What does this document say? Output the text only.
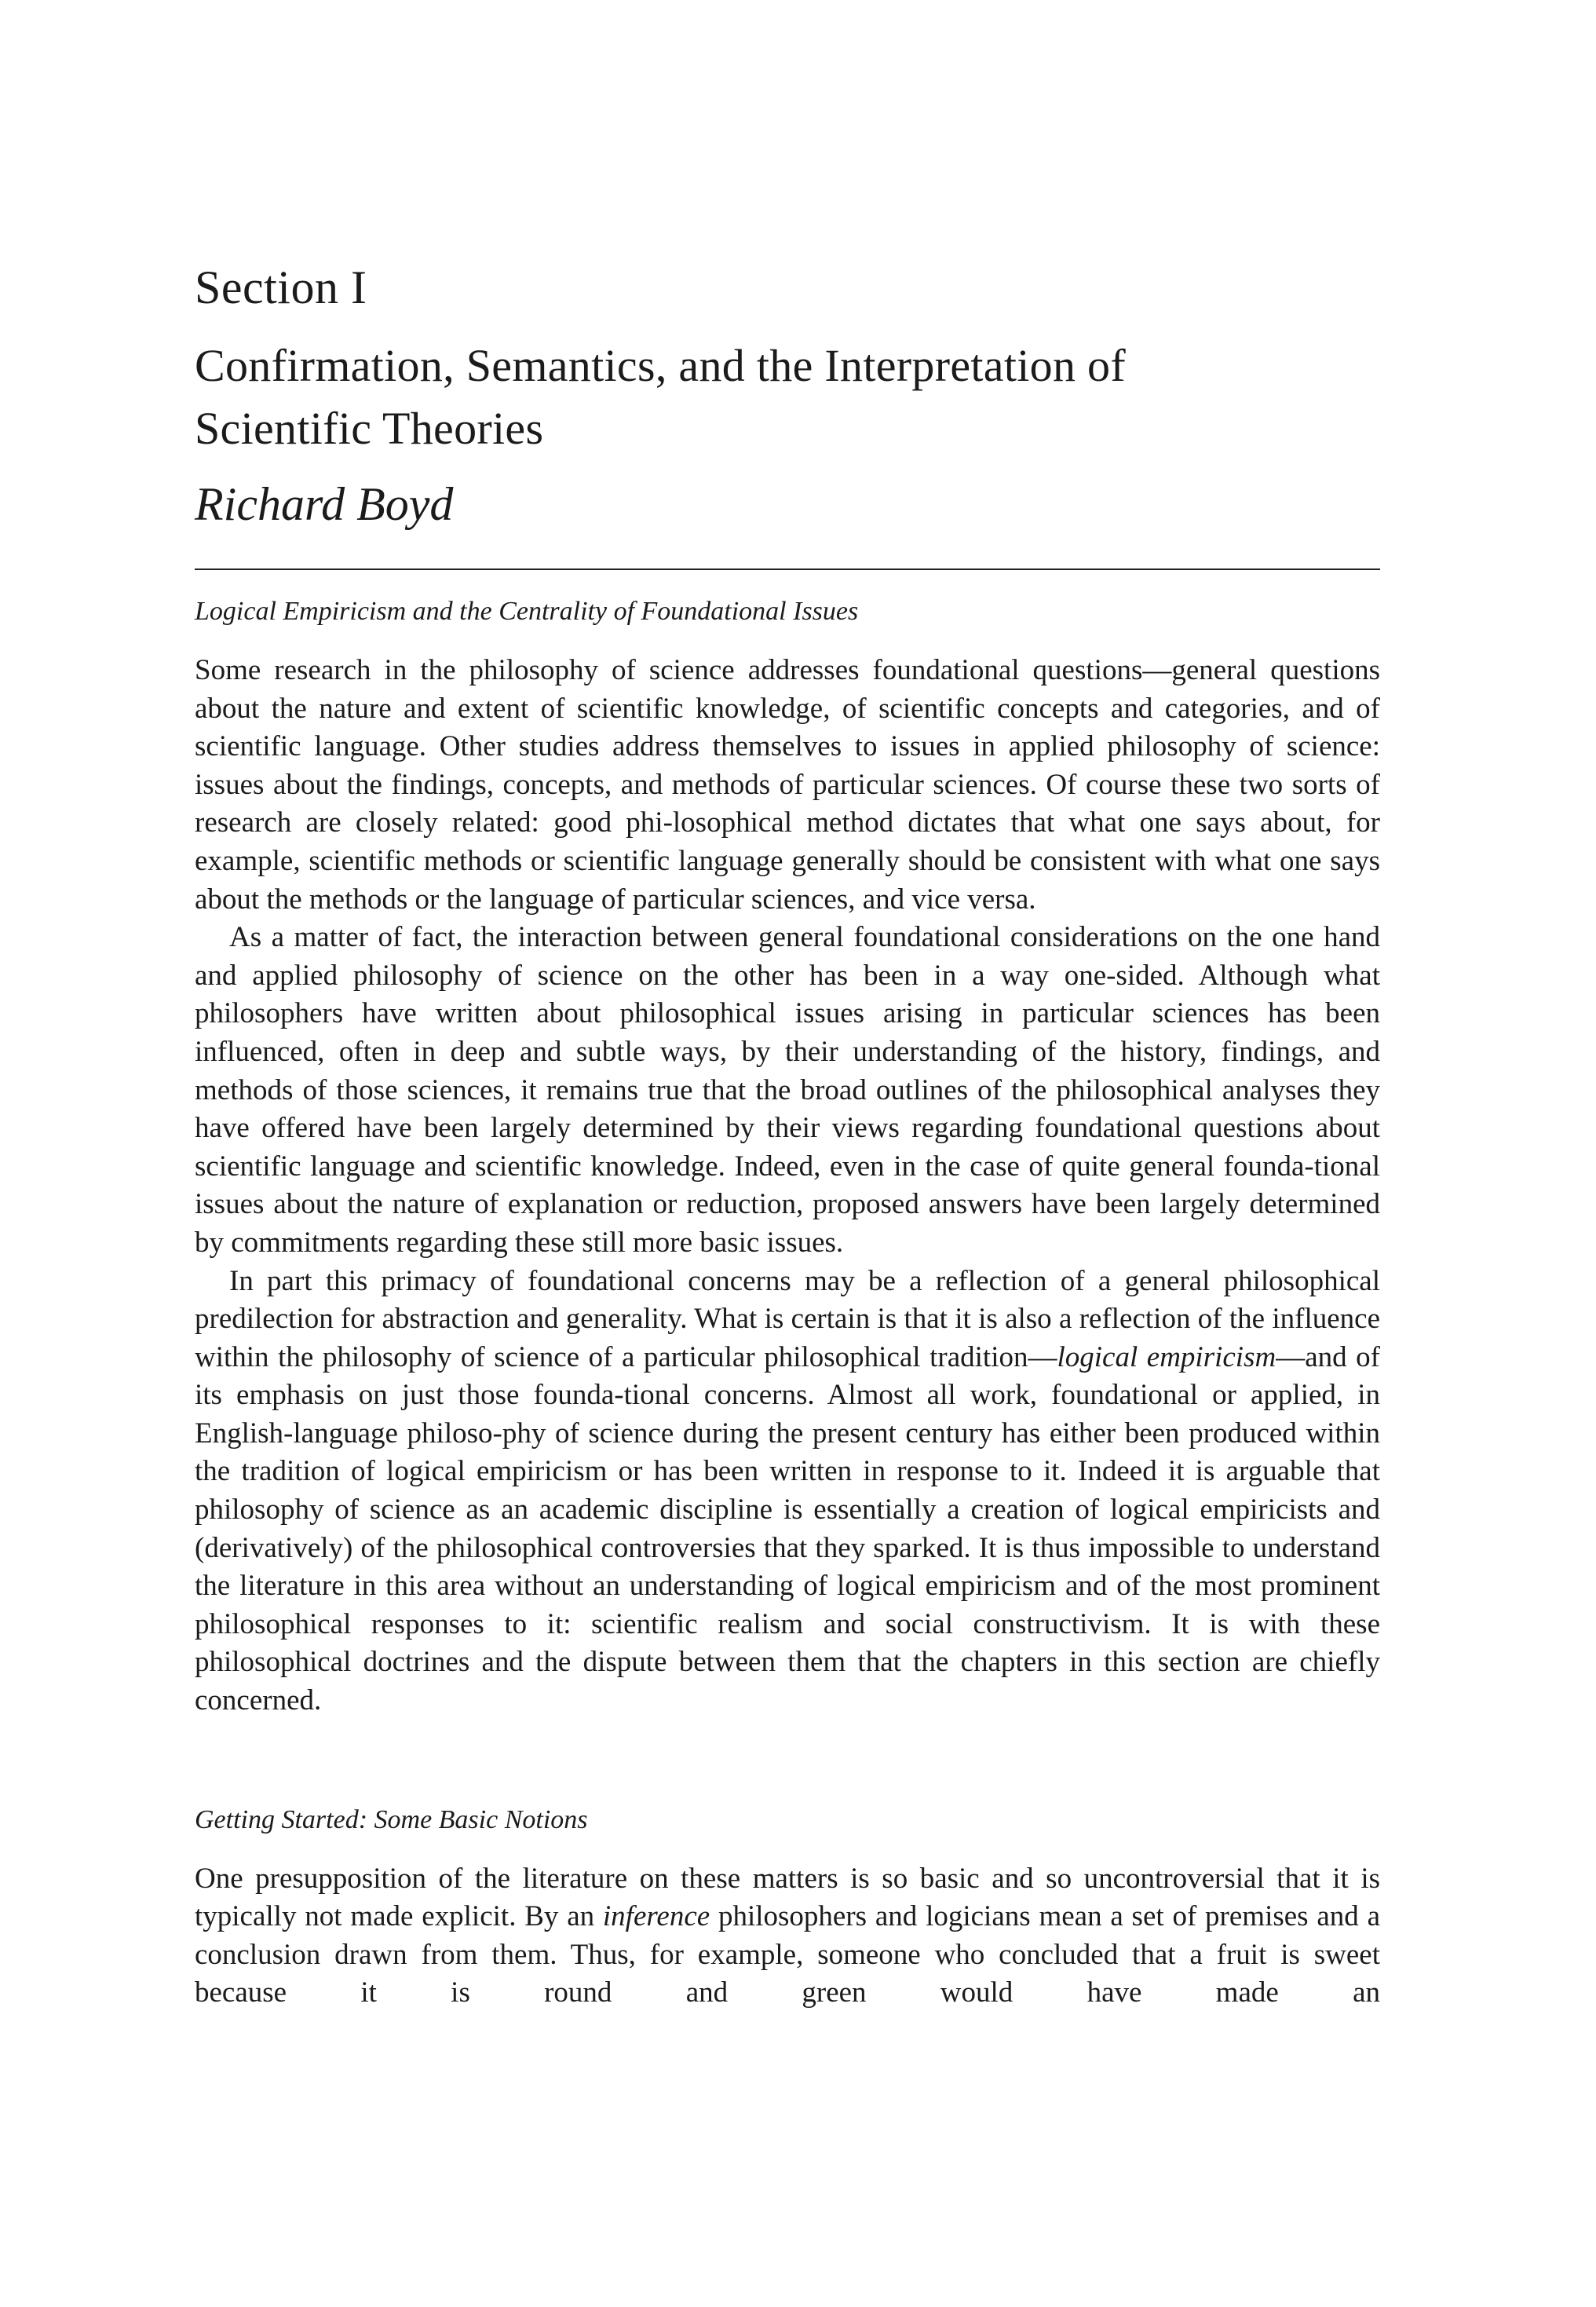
Section I
Confirmation, Semantics, and the Interpretation of
Scientific Theories
Richard Boyd
Logical Empiricism and the Centrality of Foundational Issues

Some research in the philosophy of science addresses foundational questions—general questions about the nature and extent of scientific knowledge, of scientific concepts and categories, and of scientific language. Other studies address themselves to issues in applied philosophy of science: issues about the findings, concepts, and methods of particular sciences. Of course these two sorts of research are closely related: good phi-losophical method dictates that what one says about, for example, scientific methods or scientific language generally should be consistent with what one says about the methods or the language of particular sciences, and vice versa.

As a matter of fact, the interaction between general foundational considerations on the one hand and applied philosophy of science on the other has been in a way one-sided. Although what philosophers have written about philosophical issues arising in particular sciences has been influenced, often in deep and subtle ways, by their understanding of the history, findings, and methods of those sciences, it remains true that the broad outlines of the philosophical analyses they have offered have been largely determined by their views regarding foundational questions about scientific language and scientific knowledge. Indeed, even in the case of quite general founda-tional issues about the nature of explanation or reduction, proposed answers have been largely determined by commitments regarding these still more basic issues.

In part this primacy of foundational concerns may be a reflection of a general philosophical predilection for abstraction and generality. What is certain is that it is also a reflection of the influence within the philosophy of science of a particular philosophical tradition—logical empiricism—and of its emphasis on just those founda-tional concerns. Almost all work, foundational or applied, in English-language philoso-phy of science during the present century has either been produced within the tradition of logical empiricism or has been written in response to it. Indeed it is arguable that philosophy of science as an academic discipline is essentially a creation of logical empiricists and (derivatively) of the philosophical controversies that they sparked. It is thus impossible to understand the literature in this area without an understanding of logical empiricism and of the most prominent philosophical responses to it: scientific realism and social constructivism. It is with these philosophical doctrines and the dispute between them that the chapters in this section are chiefly concerned.

Getting Started: Some Basic Notions

One presupposition of the literature on these matters is so basic and so uncontroversial that it is typically not made explicit. By an inference philosophers and logicians mean a set of premises and a conclusion drawn from them. Thus, for example, someone who concluded that a fruit is sweet because it is round and green would have made an
